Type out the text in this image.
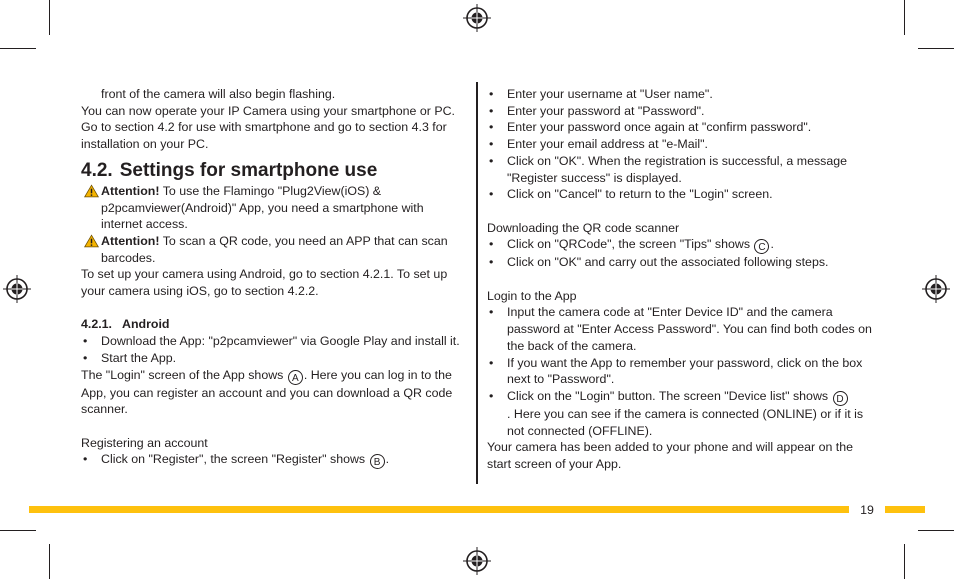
front of the camera will also begin flashing.

You can now operate your IP Camera using your smartphone or PC. Go to section 4.2 for use with smartphone and go to section 4.3 for installation on your PC.

4.2. Settings for smartphone use

Attention! To use the Flamingo "Plug2View(iOS) & p2pcamviewer(Android)" App, you need a smartphone with internet access.

Attention! To scan a QR code, you need an APP that can scan barcodes.

To set up your camera using Android, go to section 4.2.1. To set up your camera using iOS, go to section 4.2.2.

4.2.1. Android

• Download the App: "p2pcamviewer" via Google Play and install it.

• Start the App.

The "Login" screen of the App shows A . Here you can log in to the App, you can register an account and you can download a QR code scanner.

Registering an account

• Click on "Register", the screen "Register" shows B .

• Enter your username at "User name".

• Enter your password at "Password".

• Enter your password once again at "confirm password".

• Enter your email address at "e-Mail".

• Click on "OK". When the registration is successful, a message "Register success" is displayed.

• Click on "Cancel" to return to the "Login" screen.

Downloading the QR code scanner

• Click on "QRCode", the screen "Tips" shows C .

• Click on "OK" and carry out the associated following steps.

Login to the App

• Input the camera code at "Enter Device ID" and the camera password at "Enter Access Password". You can find both codes on the back of the camera.

• If you want the App to remember your password, click on the box next to "Password".

• Click on the "Login" button. The screen "Device list" shows D
. Here you can see if the camera is connected (ONLINE) or if it is not connected (OFFLINE).

Your camera has been added to your phone and will appear on the start screen of your App.

19
